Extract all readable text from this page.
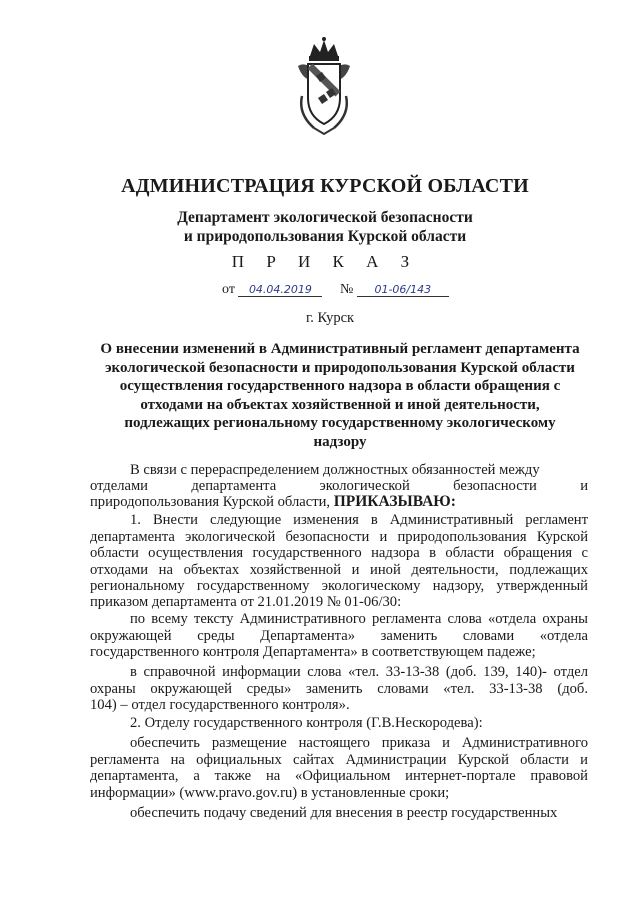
АДМИНИСТРАЦИЯ КУРСКОЙ ОБЛАСТИ
Департамент экологической безопасности
и природопользования Курской области
П Р И К А З
от 04.04.2019 № 01-06/143
г. Курск
О внесении изменений в Административный регламент департамента
экологической безопасности и природопользования Курской области
осуществления государственного надзора в области обращения с
отходами на объектах хозяйственной и иной деятельности,
подлежащих региональному государственному экологическому
надзору
В связи с перераспределением должностных обязанностей между
отделами	департамента	экологической	безопасности	и
природопользования Курской области, ПРИКАЗЫВАЮ:
1. Внести следующие изменения в Административный регламент департамента экологической безопасности и природопользования Курской области осуществления государственного надзора в области обращения с отходами на объектах хозяйственной и иной деятельности, подлежащих региональному государственному экологическому надзору, утвержденный
приказом департамента от 21.01.2019 № 01-06/30:
по всему тексту Административного регламента слова «отдела охраны окружающей среды Департамента» заменить словами «отдела
государственного контроля Департамента» в соответствующем падеже;
в справочной информации слова «тел. 33-13-38 (доб. 139, 140)- отдел охраны окружающей среды» заменить словами «тел. 33-13-38 (доб.
104) – отдел государственного контроля».
2. Отделу государственного контроля (Г.В.Нескородева):
обеспечить размещение настоящего приказа и Административного регламента на официальных сайтах Администрации Курской области и департамента, а также на «Официальном интернет-портале правовой
информации» (www.pravo.gov.ru) в установленные сроки;
обеспечить подачу сведений для внесения в реестр государственных
